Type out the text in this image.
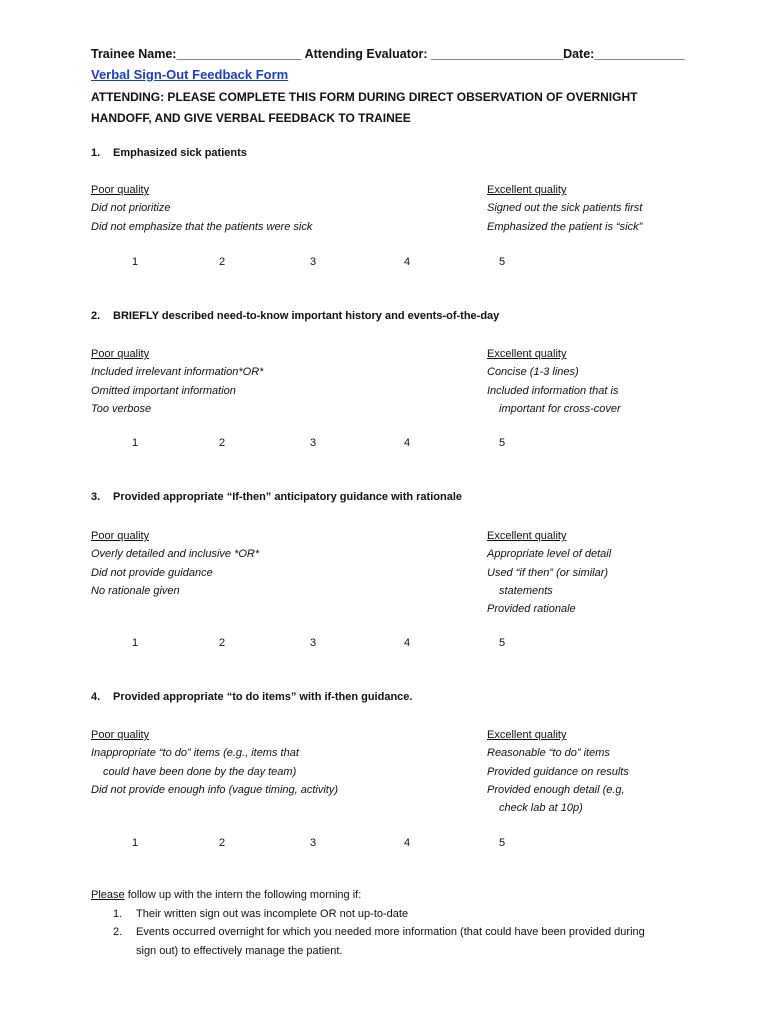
Trainee Name:__________________ Attending Evaluator: ___________________Date:_____________
Verbal Sign-Out Feedback Form
ATTENDING: PLEASE COMPLETE THIS FORM DURING DIRECT OBSERVATION OF OVERNIGHT HANDOFF, AND GIVE VERBAL FEEDBACK TO TRAINEE
1. Emphasized sick patients
Poor quality
Did not prioritize
Did not emphasize that the patients were sick
Excellent quality
Signed out the sick patients first
Emphasized the patient is “sick”
1	2	3	4	5
2. BRIEFLY described need-to-know important history and events-of-the-day
Poor quality
Included irrelevant information*OR*
Omitted important information
Too verbose
Excellent quality
Concise (1-3 lines)
Included information that is
important for cross-cover
1	2	3	4	5
3. Provided appropriate “If-then” anticipatory guidance with rationale
Poor quality
Overly detailed and inclusive *OR*
Did not provide guidance
No rationale given
Excellent quality
Appropriate level of detail
Used “if then” (or similar)
statements
Provided rationale
1	2	3	4	5
4. Provided appropriate “to do items” with if-then guidance.
Poor quality
Inappropriate “to do” items (e.g., items that
could have been done by the day team)
Did not provide enough info (vague timing, activity)
Excellent quality
Reasonable “to do” items
Provided guidance on results
Provided enough detail (e.g,
check lab at 10p)
1	2	3	4	5
Please follow up with the intern the following morning if:
1. Their written sign out was incomplete OR not up-to-date
2. Events occurred overnight for which you needed more information (that could have been provided during
sign out) to effectively manage the patient.
